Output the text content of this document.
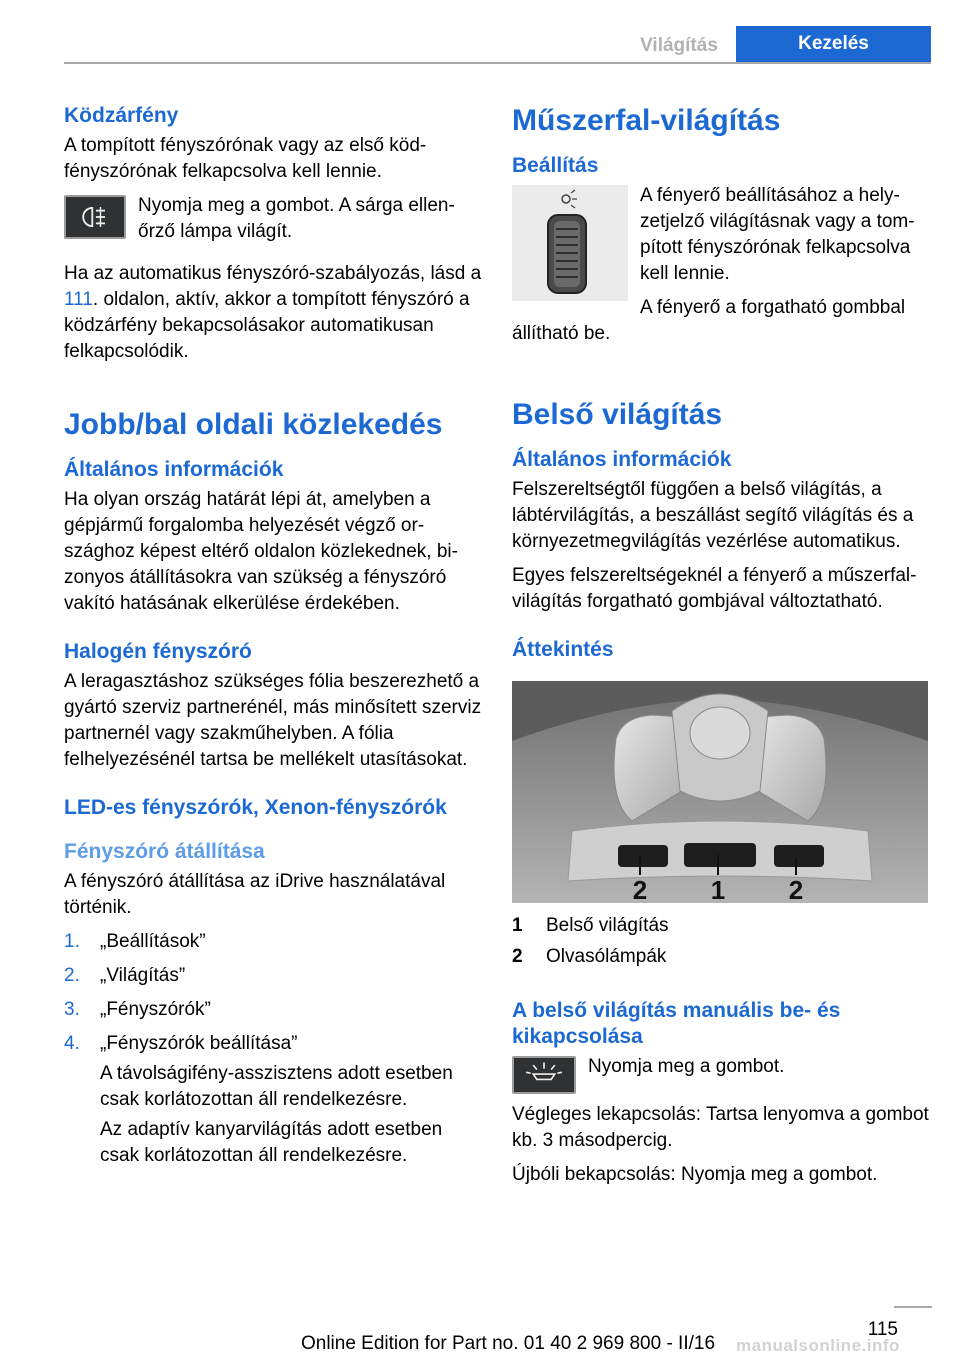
Világítás	Kezelés
Ködzárfény

A tompított fényszórónak vagy az első ködfényszórónak felkapcsolva kell lennie.

Nyomja meg a gombot. A sárga ellenőrző lámpa világít.

Ha az automatikus fényszóró-szabályozás, lásd a 111. oldalon, aktív, akkor a tompított fényszóró a ködzárfény bekapcsolásakor automatikusan felkapcsolódik.

Jobb/bal oldali közlekedés
Általános információk

Ha olyan ország határát lépi át, amelyben a gépjármű forgalomba helyezését végző országhoz képest eltérő oldalon közlekednek, bizonyos átállításokra van szükség a fényszóró vakító hatásának elkerülése érdekében.

Halogén fényszóró

A leragasztáshoz szükséges fólia beszerezhető a gyártó szerviz partnerénél, más minősített szerviz partnernél vagy szakműhelyben. A fólia felhelyezésénél tartsa be mellékelt utasításokat.

LED-es fényszórók, Xenon-fényszórók
Fényszóró átállítása

A fényszóró átállítása az iDrive használatával történik.

1. „Beállítások”
2. „Világítás”
3. „Fényszórók”
4. „Fényszórók beállítása”
A távolságifény-asszisztens adott esetben csak korlátozottan áll rendelkezésre.
Az adaptív kanyarvilágítás adott esetben csak korlátozottan áll rendelkezésre.
Műszerfal-világítás
Beállítás

A fényerő beállításához a helyzetjelző világításnak vagy a tompított fényszórónak felkapcsolva kell lennie.

A fényerő a forgatható gombbal állítható be.

Belső világítás
Általános információk

Felszereltségtől függően a belső világítás, a lábtérvilágítás, a beszállást segítő világítás és a környezetmegvilágítás vezérlése automatikus.

Egyes felszereltségeknél a fényerő a műszerfal-világítás forgatható gombjával változtatható.

Áttekintés
2 1 2
1	Belső világítás
2	Olvasólámpák
A belső világítás manuális be- és kikapcsolása

Nyomja meg a gombot.

Végleges lekapcsolás: Tartsa lenyomva a gombot kb. 3 másodpercig.

Újbóli bekapcsolás: Nyomja meg a gombot.

115
Online Edition for Part no. 01 40 2 969 800 - II/16	manualsonline.info
